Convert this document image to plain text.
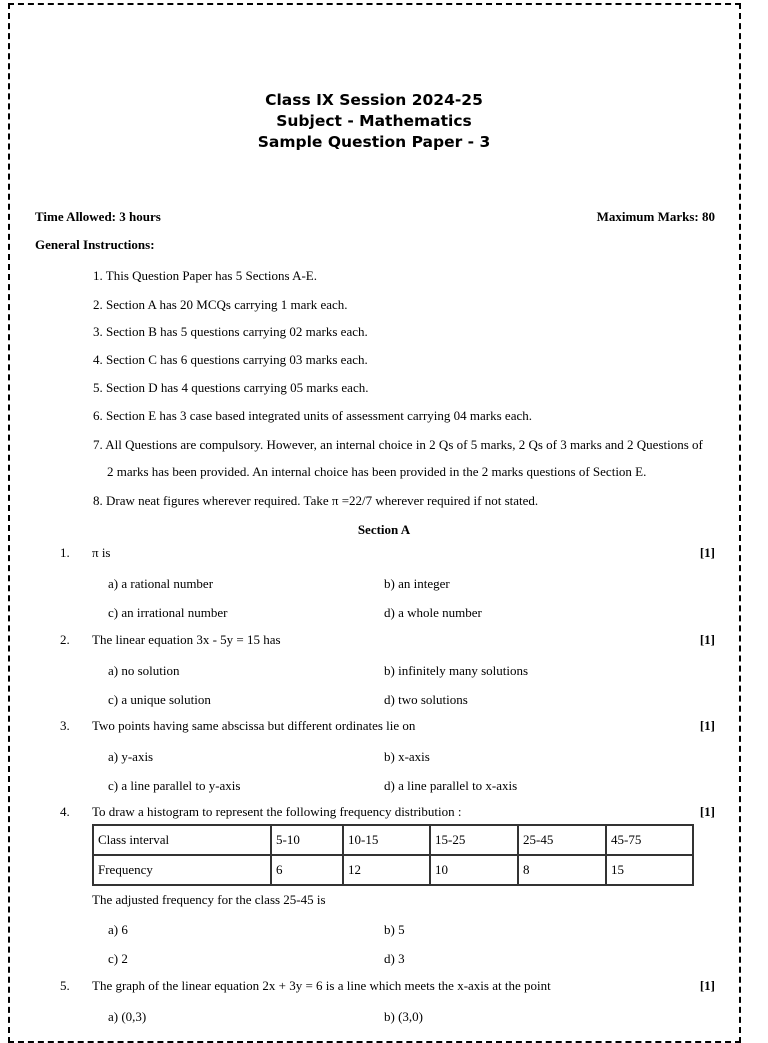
Class IX Session 2024-25
Subject - Mathematics
Sample Question Paper - 3
Time Allowed: 3 hours	Maximum Marks: 80
General Instructions:
1. This Question Paper has 5 Sections A-E.
2. Section A has 20 MCQs carrying 1 mark each.
3. Section B has 5 questions carrying 02 marks each.
4. Section C has 6 questions carrying 03 marks each.
5. Section D has 4 questions carrying 05 marks each.
6. Section E has 3 case based integrated units of assessment carrying 04 marks each.
7. All Questions are compulsory. However, an internal choice in 2 Qs of 5 marks, 2 Qs of 3 marks and 2 Questions of
2 marks has been provided. An internal choice has been provided in the 2 marks questions of Section E.
8. Draw neat figures wherever required. Take π =22/7 wherever required if not stated.
Section A
1. π is	[1]
a) a rational number	b) an integer
c) an irrational number	d) a whole number
2. The linear equation 3x - 5y = 15 has	[1]
a) no solution	b) infinitely many solutions
c) a unique solution	d) two solutions
3. Two points having same abscissa but different ordinates lie on	[1]
a) y-axis	b) x-axis
c) a line parallel to y-axis	d) a line parallel to x-axis
4. To draw a histogram to represent the following frequency distribution :	[1]
Class interval	5-10	10-15	15-25	25-45	45-75
Frequency	6	12	10	8	15
The adjusted frequency for the class 25-45 is
a) 6	b) 5
c) 2	d) 3
5. The graph of the linear equation 2x + 3y = 6 is a line which meets the x-axis at the point	[1]
a) (0,3)	b) (3,0)
